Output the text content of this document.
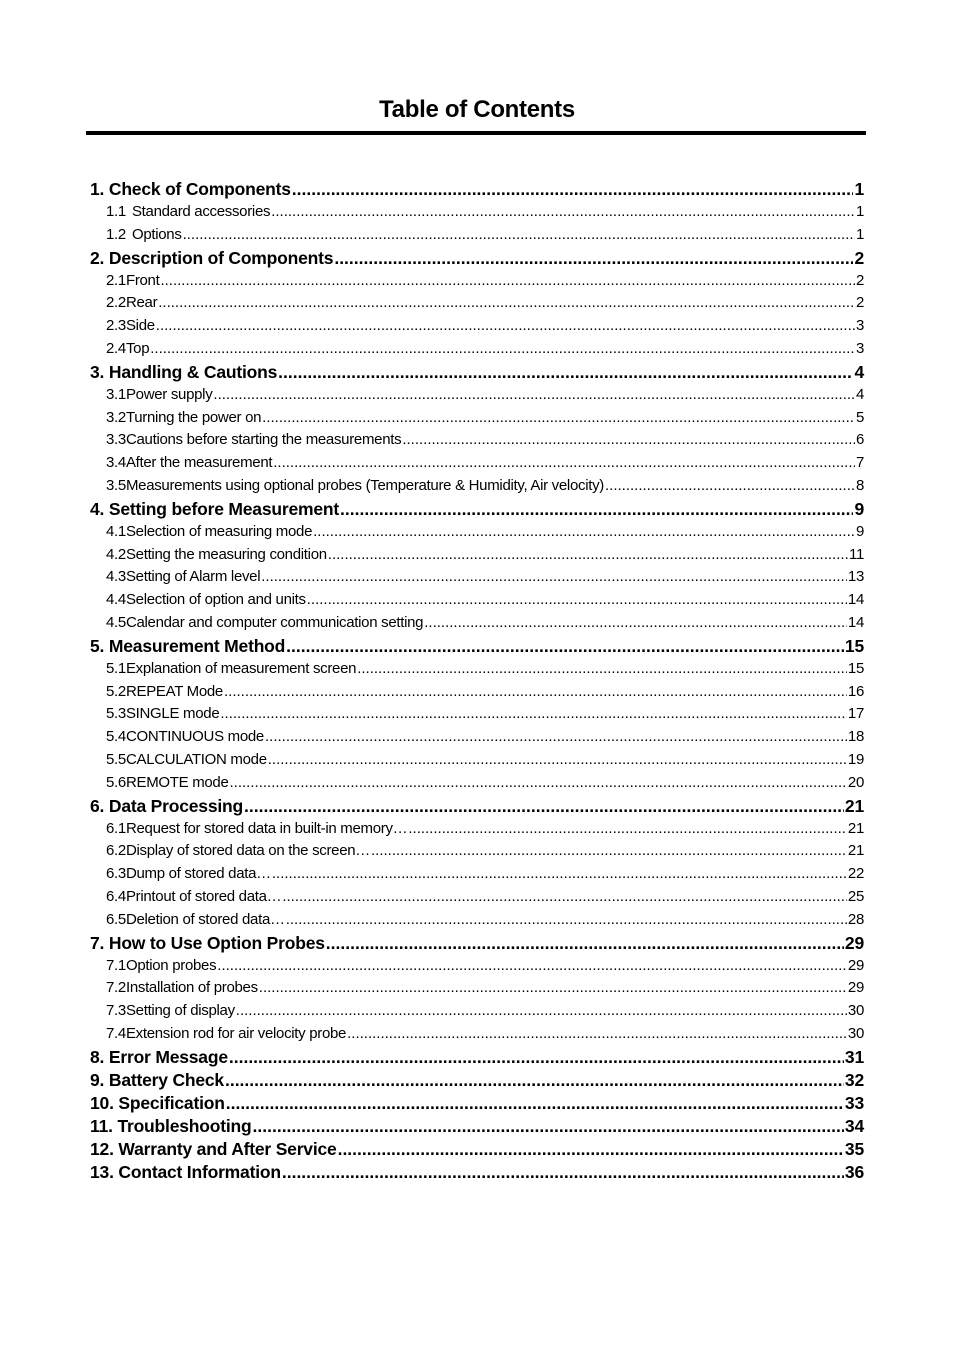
Table of Contents
1. Check of Components .....	1
1.1 Standard accessories .....	1
1.2 Options .....	1
2. Description of Components .....	2
2.1 Front .....	2
2.2 Rear .....	2
2.3 Side .....	3
2.4 Top .....	3
3. Handling & Cautions .....	4
3.1 Power supply .....	4
3.2 Turning the power on .....	5
3.3 Cautions before starting the measurements .....	6
3.4 After the measurement .....	7
3.5 Measurements using optional probes (Temperature & Humidity, Air velocity) .....	8
4. Setting before Measurement .....	9
4.1 Selection of measuring mode .....	9
4.2 Setting the measuring condition .....	11
4.3 Setting of Alarm level .....	13
4.4 Selection of option and units .....	14
4.5 Calendar and computer communication setting .....	14
5. Measurement Method .....	15
5.1 Explanation of measurement screen .....	15
5.2 REPEAT Mode .....	16
5.3 SINGLE mode .....	17
5.4 CONTINUOUS mode .....	18
5.5 CALCULATION mode .....	19
5.6 REMOTE mode .....	20
6. Data Processing .....	21
6.1 Request for stored data in built-in memory… .....	21
6.2 Display of stored data on the screen… .....	21
6.3 Dump of stored data… .....	22
6.4 Printout of stored data… .....	25
6.5 Deletion of stored data… .....	28
7. How to Use Option Probes .....	29
7.1 Option probes .....	29
7.2 Installation of probes .....	29
7.3 Setting of display .....	30
7.4 Extension rod for air velocity probe .....	30
8. Error Message .....	31
9. Battery Check .....	32
10. Specification .....	33
11. Troubleshooting .....	34
12. Warranty and After Service .....	35
13. Contact Information .....	36
